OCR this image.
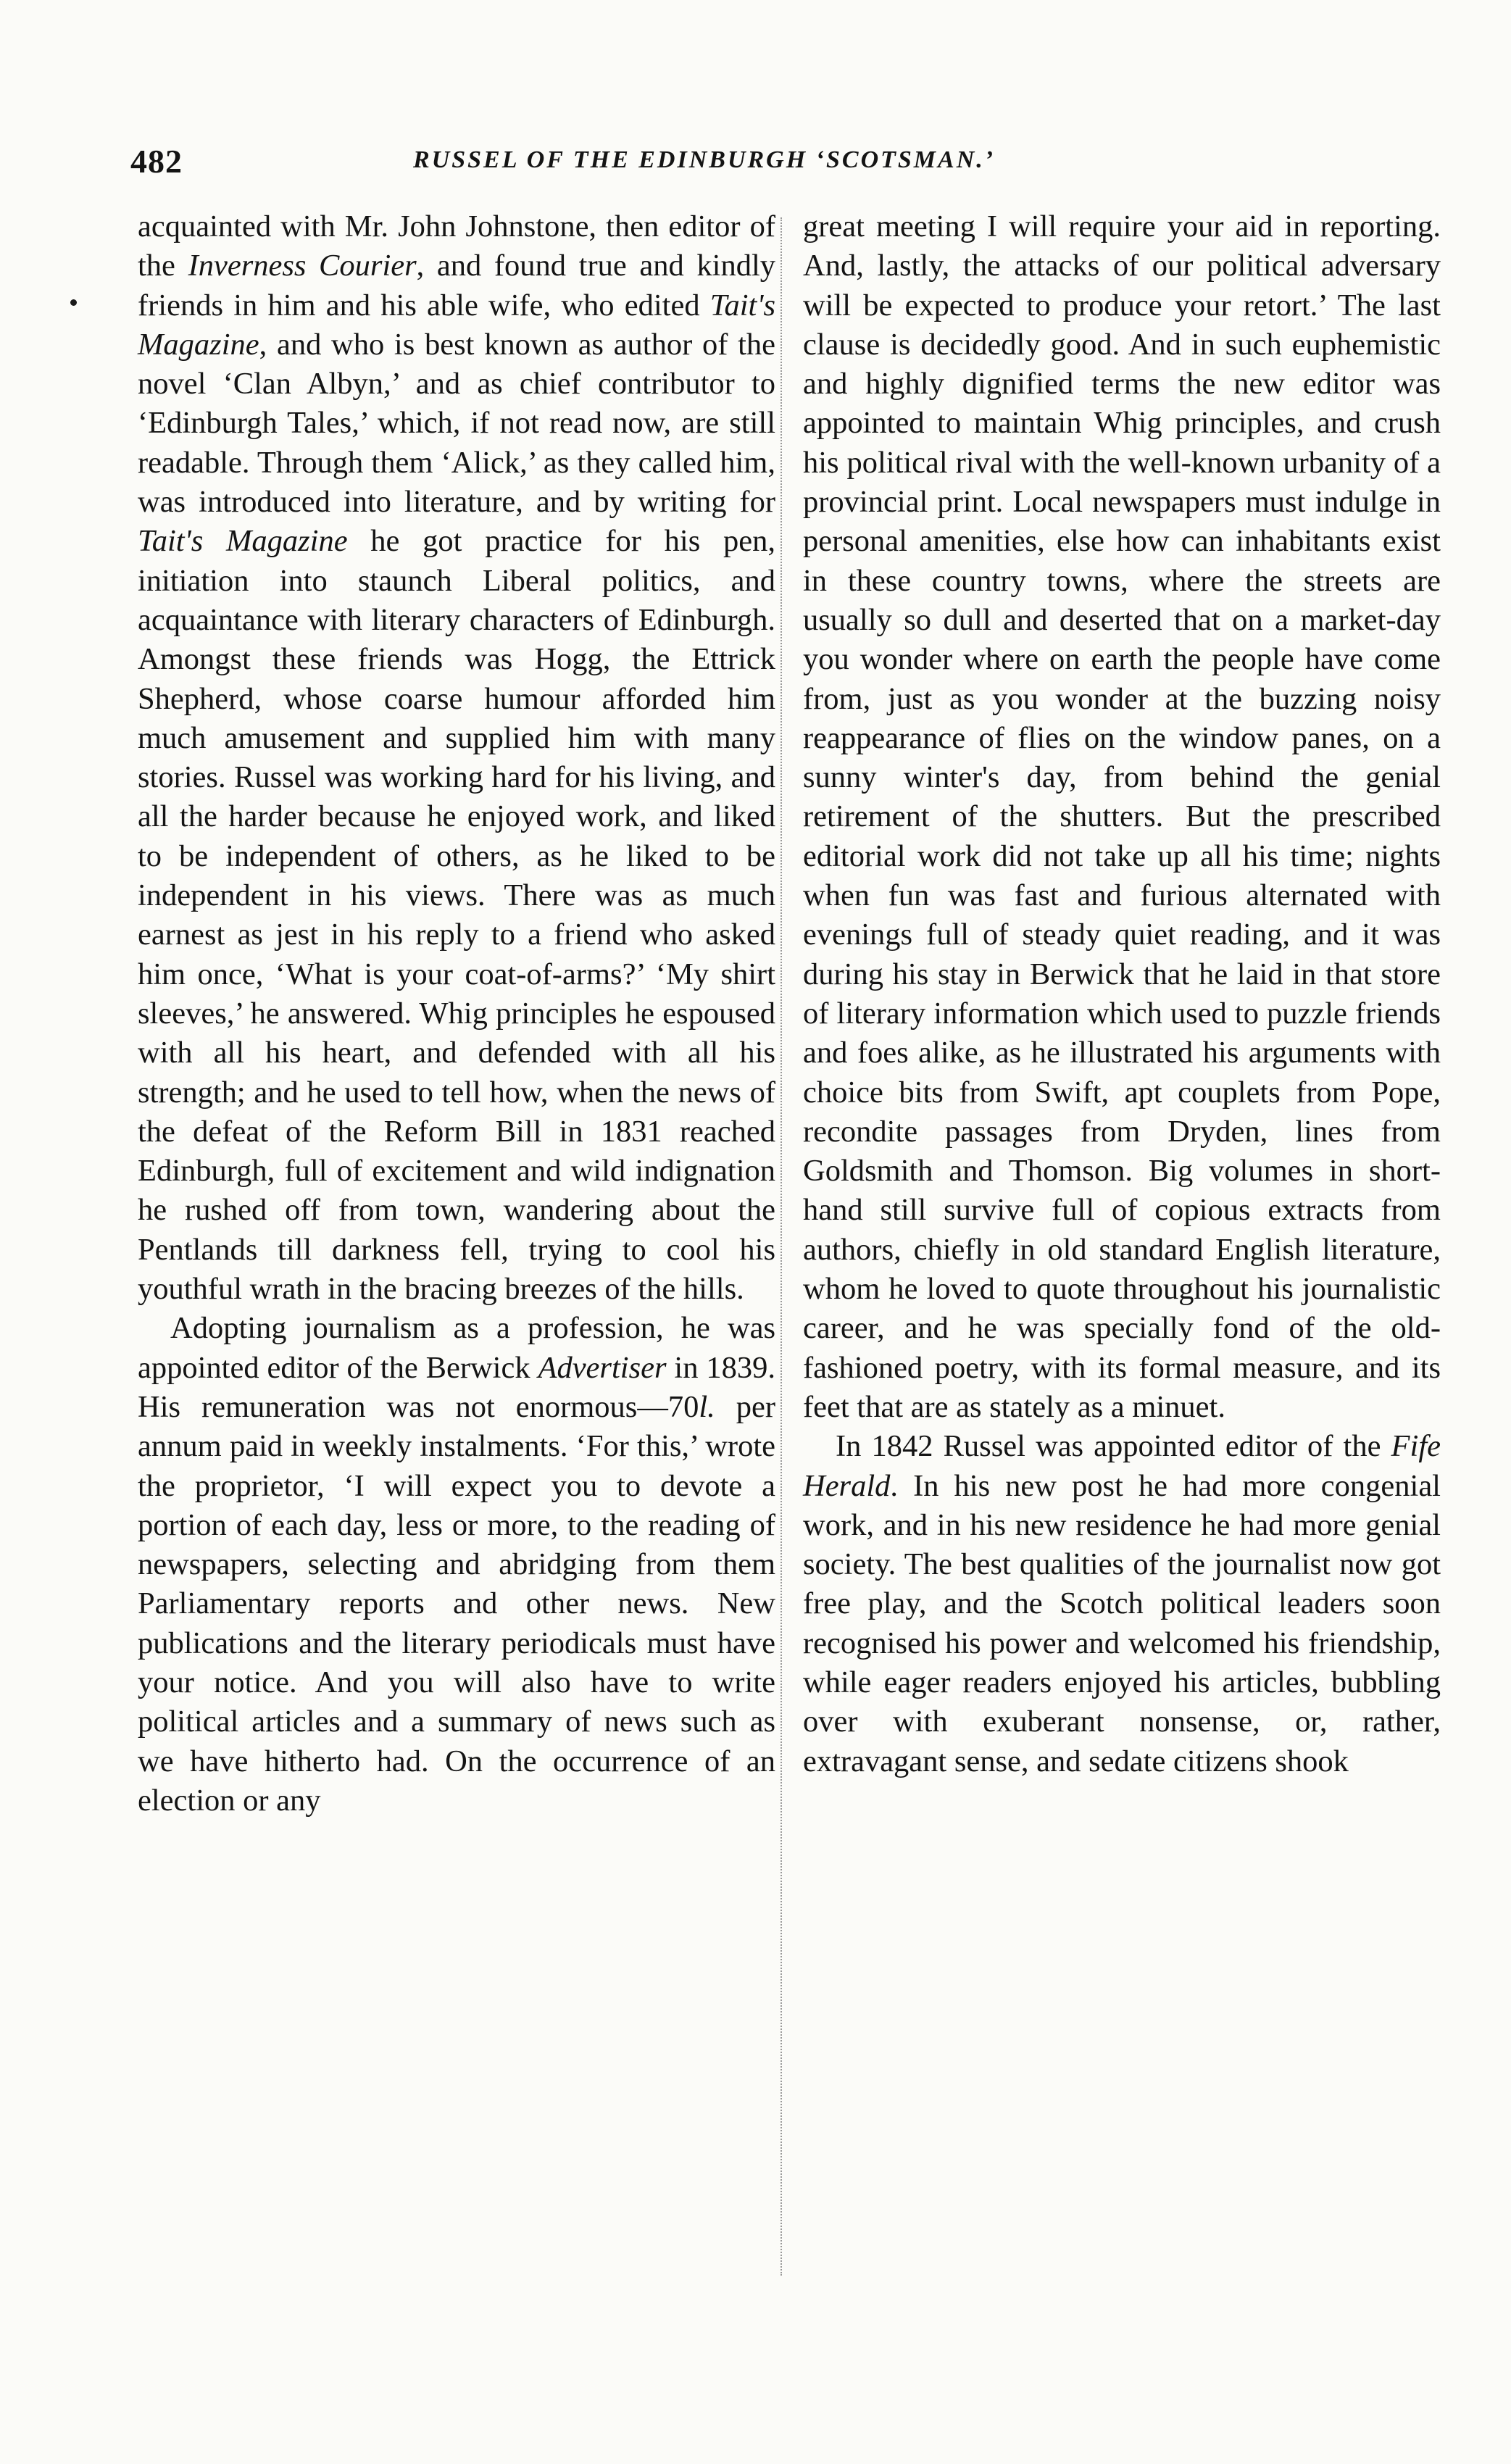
482	RUSSEL OF THE EDINBURGH ‘SCOTSMAN.’

acquainted with Mr. John Johnstone, then editor of the Inverness Courier, and found true and kindly friends in him and his able wife, who edited Tait's Magazine, and who is best known as author of the novel ‘Clan Albyn,’ and as chief contributor to ‘Edinburgh Tales,’ which, if not read now, are still readable. Through them ‘Alick,’ as they called him, was introduced into literature, and by writing for Tait's Magazine he got practice for his pen, initiation into staunch Liberal politics, and acquaintance with literary characters of Edinburgh. Amongst these friends was Hogg, the Ettrick Shepherd, whose coarse humour afforded him much amusement and supplied him with many stories. Russel was working hard for his living, and all the harder because he enjoyed work, and liked to be independent of others, as he liked to be independent in his views. There was as much earnest as jest in his reply to a friend who asked him once, ‘What is your coat-of-arms?’ ‘My shirt sleeves,’ he answered. Whig principles he espoused with all his heart, and defended with all his strength; and he used to tell how, when the news of the defeat of the Reform Bill in 1831 reached Edinburgh, full of excitement and wild indignation he rushed off from town, wandering about the Pentlands till darkness fell, trying to cool his youthful wrath in the bracing breezes of the hills.

Adopting journalism as a profession, he was appointed editor of the Berwick Advertiser in 1839. His remuneration was not enormous—70l. per annum paid in weekly instalments. ‘For this,’ wrote the proprietor, ‘I will expect you to devote a portion of each day, less or more, to the reading of newspapers, selecting and abridging from them Parliamentary reports and other news. New publications and the literary periodicals must have your notice. And you will also have to write political articles and a summary of news such as we have hitherto had. On the occurrence of an election or any

great meeting I will require your aid in reporting. And, lastly, the attacks of our political adversary will be expected to produce your retort.’ The last clause is decidedly good. And in such euphemistic and highly dignified terms the new editor was appointed to maintain Whig principles, and crush his political rival with the well-known urbanity of a provincial print. Local newspapers must indulge in personal amenities, else how can inhabitants exist in these country towns, where the streets are usually so dull and deserted that on a market-day you wonder where on earth the people have come from, just as you wonder at the buzzing noisy reappearance of flies on the window panes, on a sunny winter's day, from behind the genial retirement of the shutters. But the prescribed editorial work did not take up all his time; nights when fun was fast and furious alternated with evenings full of steady quiet reading, and it was during his stay in Berwick that he laid in that store of literary information which used to puzzle friends and foes alike, as he illustrated his arguments with choice bits from Swift, apt couplets from Pope, recondite passages from Dryden, lines from Goldsmith and Thomson. Big volumes in short-hand still survive full of copious extracts from authors, chiefly in old standard English literature, whom he loved to quote throughout his journalistic career, and he was specially fond of the old-fashioned poetry, with its formal measure, and its feet that are as stately as a minuet.

In 1842 Russel was appointed editor of the Fife Herald. In his new post he had more congenial work, and in his new residence he had more genial society. The best qualities of the journalist now got free play, and the Scotch political leaders soon recognised his power and welcomed his friendship, while eager readers enjoyed his articles, bubbling over with exuberant nonsense, or, rather, extravagant sense, and sedate citizens shook
